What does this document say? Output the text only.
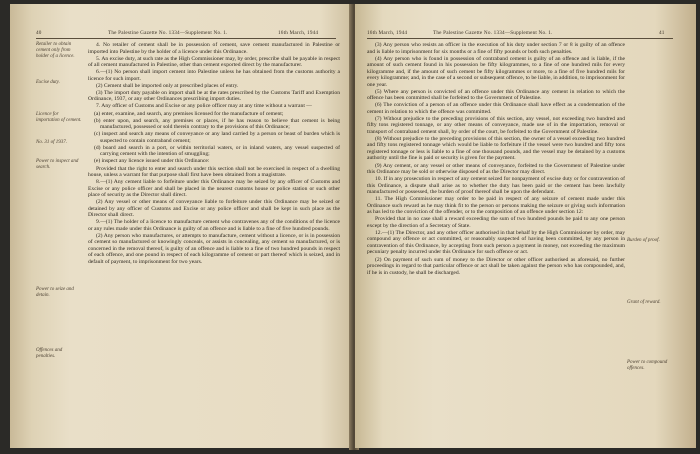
40	The Palestine Gazette No. 1334—Supplement No. 1.	16th March, 1944
Retailer to obtain cement only from holder of a licence.
Excise duty.
Licence for importation of cement.
No. 31 of 1937.
Power to inspect and search.
Power to seize and detain.
Offences and penalties.

4. No retailer of cement shall be in possession of cement, save cement manufactured in Palestine or imported into Palestine by the holder of a licence under this Ordinance.

5. An excise duty, at such rate as the High Commissioner may, by order, prescribe shall be payable in respect of all cement manufactured in Palestine, other than cement exported direct by the manufacturer.

6.—(1) No person shall import cement into Palestine unless he has obtained from the customs authority a licence for such import.

(2) Cement shall be imported only at prescribed places of entry.

(3) The import duty payable on import shall be at the rates prescribed by the Customs Tariff and Exemption Ordinance, 1937, or any other Ordinances prescribing import duties.

7. Any officer of Customs and Excise or any police officer may at any time without a warrant —

(a) enter, examine, and search, any premises licensed for the manufacture of cement;

(b) enter upon, and search, any premises or places, if he has reason to believe that cement is being manufactured, possessed or sold therein contrary to the provisions of this Ordinance;

(c) inspect and search any means of conveyance or any land carried by a person or beast of burden which is suspected to contain contraband cement;

(d) board and search in a port, or within territorial waters, or in inland waters, any vessel suspected of carrying cement with the intention of smuggling;

(e) inspect any licence issued under this Ordinance:

Provided that the right to enter and search under this section shall not be exercised in respect of a dwelling house, unless a warrant for that purpose shall first have been obtained from a magistrate.

8.—(1) Any cement liable to forfeiture under this Ordinance may be seized by any officer of Customs and Excise or any police officer and shall be placed in the nearest customs house or police station or such other place of security as the Director shall direct.

(2) Any vessel or other means of conveyance liable to forfeiture under this Ordinance may be seized or detained by any officer of Customs and Excise or any police officer and shall be kept in such place as the Director shall direct.

9.—(1) The holder of a licence to manufacture cement who contravenes any of the conditions of the licence or any rules made under this Ordinance is guilty of an offence and is liable to a fine of five hundred pounds.

(2) Any person who manufactures, or attempts to manufacture, cement without a licence, or is in possession of cement so manufactured or knowingly conceals, or assists in concealing, any cement so manufactured, or is concerned in the removal thereof, is guilty of an offence and is liable to a fine of two hundred pounds in respect of each offence, and one pound in respect of each kilogramme of cement or part thereof which is seized, and in default of payment, to imprisonment for two years.

16th March, 1944	The Palestine Gazette No. 1334—Supplement No. 1.	41

(3) Any person who resists an officer in the execution of his duty under section 7 or 8 is guilty of an offence and is liable to imprisonment for six months or a fine of fifty pounds or both such penalties.

(4) Any person who is found in possession of contraband cement is guilty of an offence and is liable, if the amount of such cement found in his possession be fifty kilogrammes, to a fine of one hundred mils for every kilogramme and, if the amount of such cement be fifty kilogrammes or more, to a fine of five hundred mils for every kilogramme; and, in the case of a second or subsequent offence, to be liable, in addition, to imprisonment for one year.

(5) Where any person is convicted of an offence under this Ordinance any cement in relation to which the offence has been committed shall be forfeited to the Government of Palestine.

(6) The conviction of a person of an offence under this Ordinance shall have effect as a condemnation of the cement in relation to which the offence was committed.

(7) Without prejudice to the preceding provisions of this section, any vessel, not exceeding two hundred and fifty tons registered tonnage, or any other means of conveyance, made use of in the importation, removal or transport of contraband cement shall, by order of the court, be forfeited to the Government of Palestine.

(8) Without prejudice to the preceding provisions of this section, the owner of a vessel exceeding two hundred and fifty tons registered tonnage which would be liable to forfeiture if the vessel were two hundred and fifty tons registered tonnage or less is liable to a fine of one thousand pounds, and the vessel may be detained by a customs authority until the fine is paid or security is given for the payment.

(9) Any cement, or any vessel or other means of conveyance, forfeited to the Government of Palestine under this Ordinance may be sold or otherwise disposed of as the Director may direct.

10. If in any prosecution in respect of any cement seized for nonpayment of excise duty or for contravention of this Ordinance, a dispute shall arise as to whether the duty has been paid or the cement has been lawfully manufactured or possessed, the burden of proof thereof shall be upon the defendant.

11. The High Commissioner may order to be paid in respect of any seizure of cement made under this Ordinance such reward as he may think fit to the person or persons making the seizure or giving such information as has led to the conviction of the offender, or to the composition of an offence under section 12:

Provided that in no case shall a reward exceeding the sum of two hundred pounds be paid to any one person except by the direction of a Secretary of State.

12.—(1) The Director, and any other officer authorised in that behalf by the High Commissioner by order, may compound any offence or act committed, or reasonably suspected of having been committed, by any person in contravention of this Ordinance, by accepting from such person a payment in money, not exceeding the maximum pecuniary penalty incurred under this Ordinance for such offence or act.

(2) On payment of such sum of money to the Director or other officer authorised as aforesaid, no further proceedings in regard to that particular offence or act shall be taken against the person who has compounded, and, if he is in custody, he shall be discharged.

Burden of proof.
Grant of reward.
Power to compound offences.
